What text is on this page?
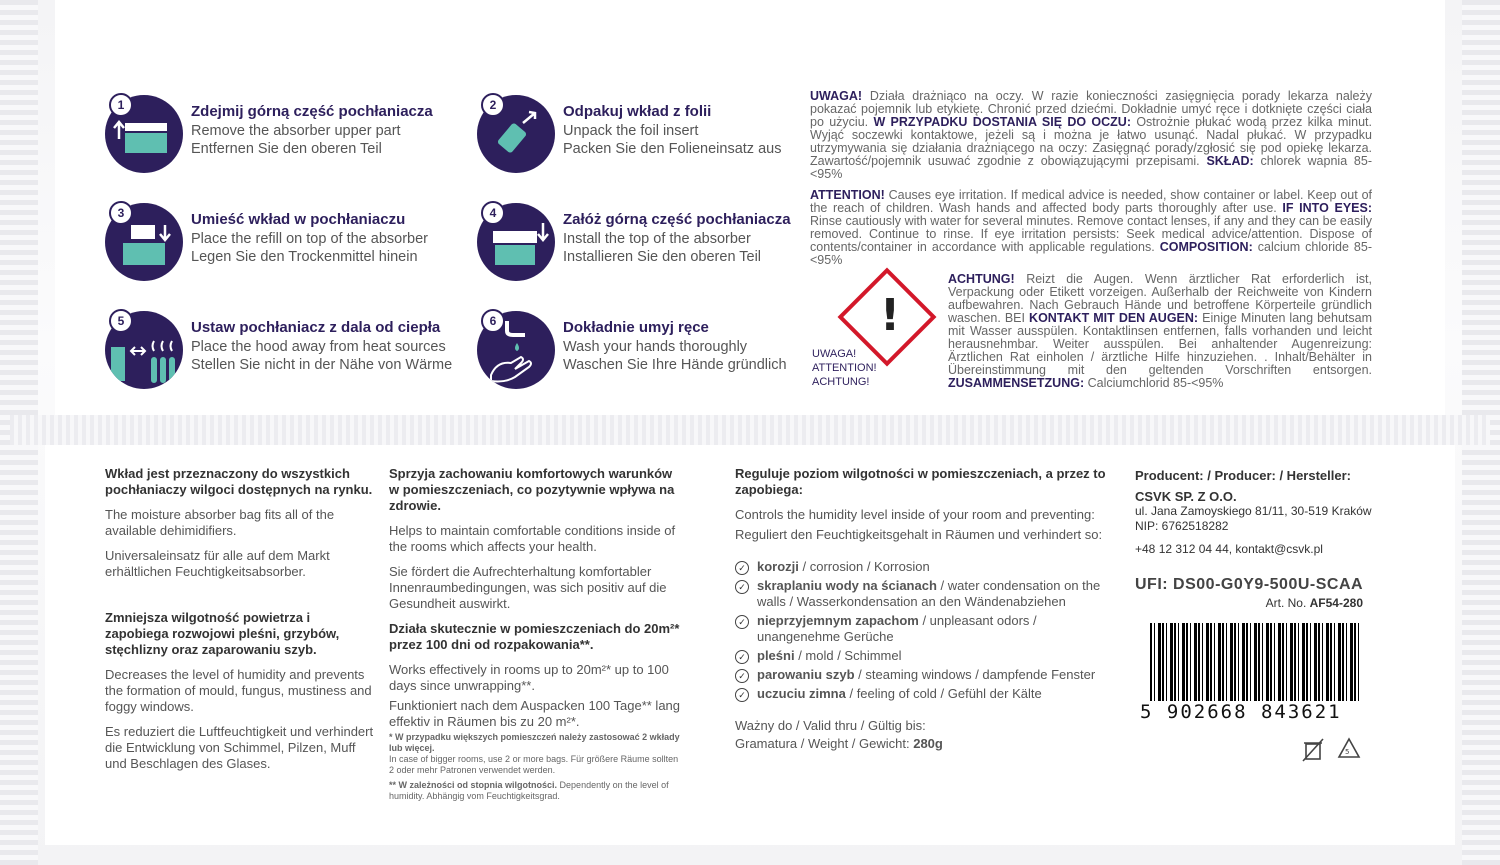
1	Zdejmij górną część pochłaniacza
Remove the absorber upper part
Entfernen Sie den oberen Teil
2	Odpakuj wkład z folii
Unpack the foil insert
Packen Sie den Folieneinsatz aus
3	Umieść wkład w pochłaniaczu
Place the refill on top of the absorber
Legen Sie den Trockenmittel hinein
4	Załóż górną część pochłaniacza
Install the top of the absorber
Installieren Sie den oberen Teil
5	Ustaw pochłaniacz z dala od ciepła
Place the hood away from heat sources
Stellen Sie nicht in der Nähe von Wärme
6	Dokładnie umyj ręce
Wash your hands thoroughly
Waschen Sie Ihre Hände gründlich
UWAGA! Działa drażniąco na oczy. W razie konieczności zasięgnięcia porady lekarza należy pokazać pojemnik lub etykietę. Chronić przed dziećmi. Dokładnie umyć ręce i dotknięte części ciała po użyciu. W PRZYPADKU DOSTANIA SIĘ DO OCZU: Ostrożnie płukać wodą przez kilka minut. Wyjąć soczewki kontaktowe, jeżeli są i można je łatwo usunąć. Nadal płukać. W przypadku utrzymywania się działania drażniącego na oczy: Zasięgnąć porady/zgłosić się pod opiekę lekarza. Zawartość/pojemnik usuwać zgodnie z obowiązującymi przepisami. SKŁAD: chlorek wapnia 85-<95%
ATTENTION! Causes eye irritation. If medical advice is needed, show container or label. Keep out of the reach of children. Wash hands and affected body parts thoroughly after use. IF INTO EYES: Rinse cautiously with water for several minutes. Remove contact lenses, if any and they can be easily removed. Continue to rinse. If eye irritation persists: Seek medical advice/attention. Dispose of contents/container in accordance with applicable regulations. COMPOSITION: calcium chloride 85-<95%
ACHTUNG! Reizt die Augen. Wenn ärztlicher Rat erforderlich ist, Verpackung oder Etikett vorzeigen. Außerhalb der Reichweite von Kindern aufbewahren. Nach Gebrauch Hände und betroffene Körperteile gründlich waschen. BEI KONTAKT MIT DEN AUGEN: Einige Minuten lang behutsam mit Wasser ausspülen. Kontaktlinsen entfernen, falls vorhanden und leicht herausnehmbar. Weiter ausspülen. Bei anhaltender Augenreizung: Ärztlichen Rat einholen / ärztliche Hilfe hinzuziehen. . Inhalt/Behälter in Übereinstimmung mit den geltenden Vorschriften entsorgen. ZUSAMMENSETZUNG: Calciumchlorid 85-<95%
!
UWAGA!
ATTENTION!
ACHTUNG!

Wkład jest przeznaczony do wszystkich pochłaniaczy wilgoci dostępnych na rynku.

The moisture absorber bag fits all of the available dehimidifiers.

Universaleinsatz für alle auf dem Markt erhältlichen Feuchtigkeitsabsorber.

Zmniejsza wilgotność powietrza i zapobiega rozwojowi pleśni, grzybów, stęchlizny oraz zaparowaniu szyb.

Decreases the level of humidity and prevents the formation of mould, fungus, mustiness and foggy windows.

Es reduziert die Luftfeuchtigkeit und verhindert die Entwicklung von Schimmel, Pilzen, Muff und Beschlagen des Glases.

Sprzyja zachowaniu komfortowych warunków w pomieszczeniach, co pozytywnie wpływa na zdrowie.

Helps to maintain comfortable conditions inside of the rooms which affects your health.

Sie fördert die Aufrechterhaltung komfortabler Innenraumbedingungen, was sich positiv auf die Gesundheit auswirkt.

Działa skutecznie w pomieszczeniach do 20m²* przez 100 dni od rozpakowania**.

Works effectively in rooms up to 20m²* up to 100 days since unwrapping**.

Funktioniert nach dem Auspacken 100 Tage** lang effektiv in Räumen bis zu 20 m²*.

* W przypadku większych pomieszczeń należy zastosować 2 wkłady lub więcej.
In case of bigger rooms, use 2 or more bags. Für größere Räume sollten 2 oder mehr Patronen verwendet werden.

** W zależności od stopnia wilgotności. Dependently on the level of humidity. Abhängig vom Feuchtigkeitsgrad.

Reguluje poziom wilgotności w pomieszczeniach, a przez to zapobiega:

Controls the humidity level inside of your room and preventing:

Reguliert den Feuchtigkeitsgehalt in Räumen und verhindert so:

✓ korozji / corrosion / Korrosion
✓ skraplaniu wody na ścianach / water condensation on the walls / Wasserkondensation an den Wändenabziehen
✓ nieprzyjemnym zapachom / unpleasant odors / unangenehme Gerüche
✓ pleśni / mold / Schimmel
✓ parowaniu szyb / steaming windows / dampfende Fenster
✓ uczuciu zimna / feeling of cold / Gefühl der Kälte

Ważny do / Valid thru / Gültig bis:

Gramatura / Weight / Gewicht: 280g

Producent: / Producer: / Hersteller:
CSVK SP. Z O.O.
ul. Jana Zamoyskiego 81/11, 30-519 Kraków
NIP: 6762518282
+48 12 312 04 44, kontakt@csvk.pl
UFI: DS00-G0Y9-500U-SCAA
Art. No. AF54-280
5 902668 843621
5
